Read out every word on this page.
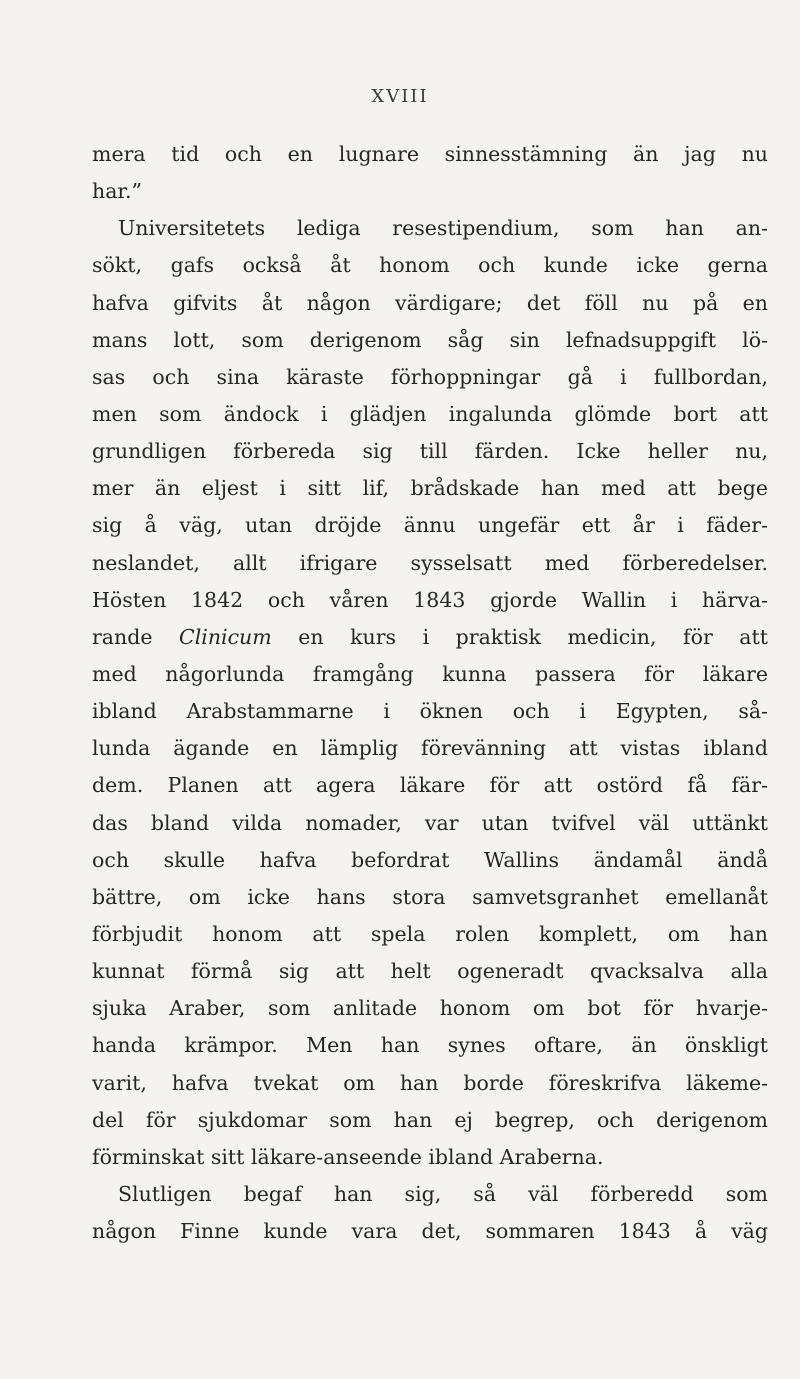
XVIII
mera tid och en lugnare sinnesstämning än jag nu
har.”
Universitetets lediga resestipendium, som han an-
sökt, gafs också åt honom och kunde icke gerna
hafva gifvits åt någon värdigare; det föll nu på en
mans lott, som derigenom såg sin lefnadsuppgift lö-
sas och sina käraste förhoppningar gå i fullbordan,
men som ändock i glädjen ingalunda glömde bort att
grundligen förbereda sig till färden. Icke heller nu,
mer än eljest i sitt lif, brådskade han med att bege
sig å väg, utan dröjde ännu ungefär ett år i fäder-
neslandet, allt ifrigare sysselsatt med förberedelser.
Hösten 1842 och våren 1843 gjorde Wallin i härva-
rande Clinicum en kurs i praktisk medicin, för att
med någorlunda framgång kunna passera för läkare
ibland Arabstammarne i öknen och i Egypten, så-
lunda ägande en lämplig förevänning att vistas ibland
dem. Planen att agera läkare för att ostörd få fär-
das bland vilda nomader, var utan tvifvel väl uttänkt
och skulle hafva befordrat Wallins ändamål ändå
bättre, om icke hans stora samvetsgranhet emellanåt
förbjudit honom att spela rolen komplett, om han
kunnat förmå sig att helt ogeneradt qvacksalva alla
sjuka Araber, som anlitade honom om bot för hvarje-
handa krämpor. Men han synes oftare, än önskligt
varit, hafva tvekat om han borde föreskrifva läkeme-
del för sjukdomar som han ej begrep, och derigenom
förminskat sitt läkare-anseende ibland Araberna.
Slutligen begaf han sig, så väl förberedd som
någon Finne kunde vara det, sommaren 1843 å väg
